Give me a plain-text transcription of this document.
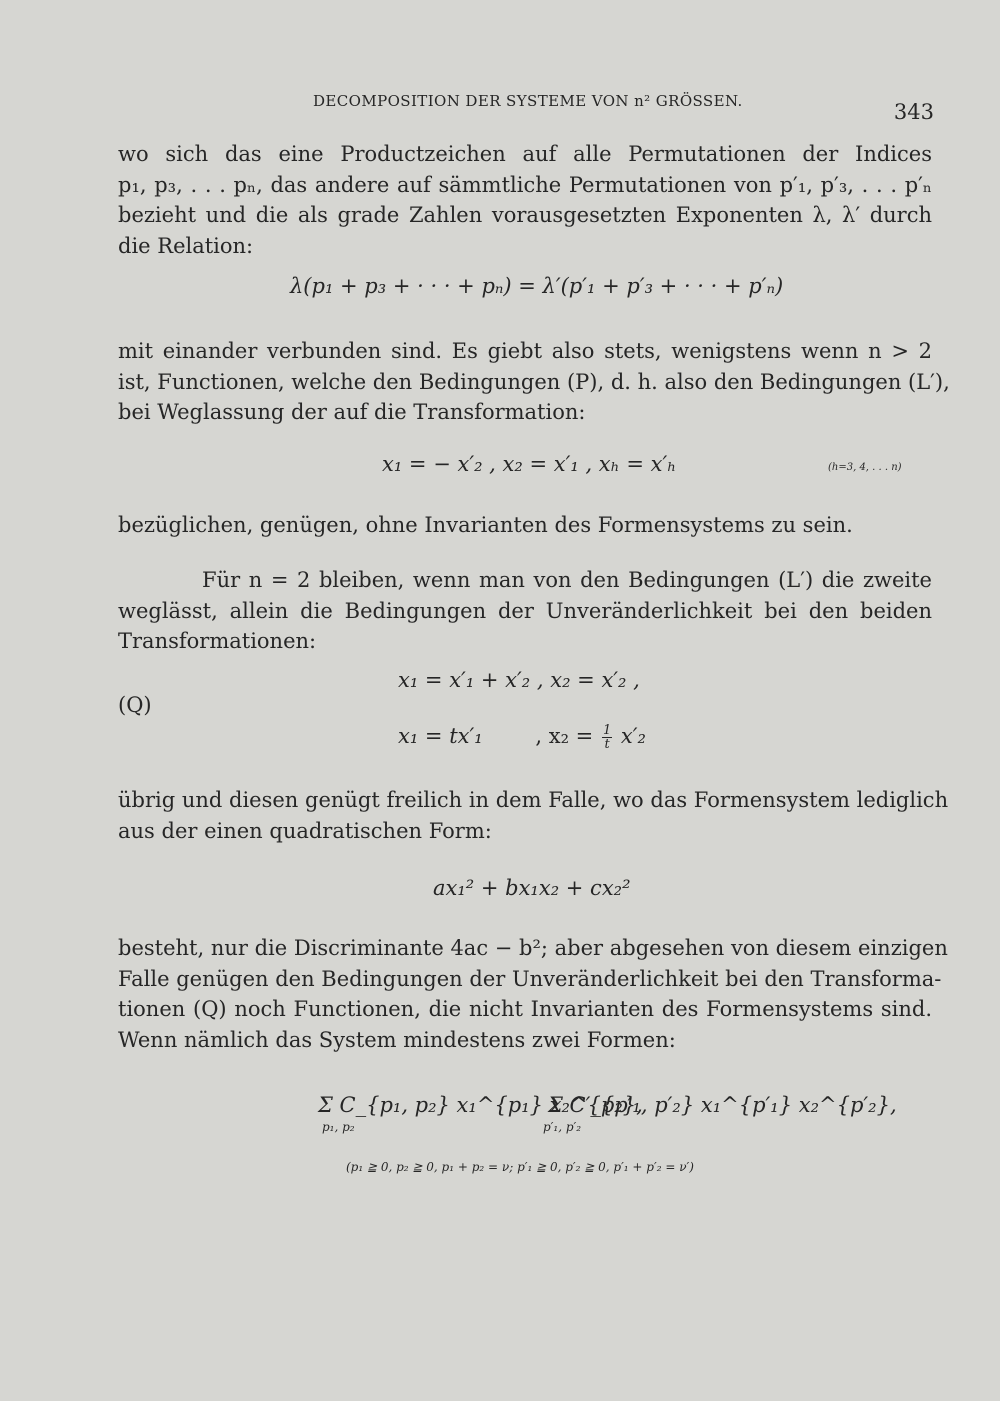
DECOMPOSITION DER SYSTEME VON n² GRÖSSEN.	343
wo sich das eine Productzeichen auf alle Permutationen der Indices
p₁, p₃, . . . pₙ, das andere auf sämmtliche Permutationen von p′₁, p′₃, . . . p′ₙ
bezieht und die als grade Zahlen vorausgesetzten Exponenten λ, λ′ durch
die Relation:
λ(p₁ + p₃ + · · · + pₙ) = λ′(p′₁ + p′₃ + · · · + p′ₙ)
mit einander verbunden sind. Es giebt also stets, wenigstens wenn n > 2
ist, Functionen, welche den Bedingungen (P), d. h. also den Bedingungen (L′),
bei Weglassung der auf die Transformation:
x₁ = − x′₂ , x₂ = x′₁ , xₕ = x′ₕ	(h=3, 4, . . . n)
bezüglichen, genügen, ohne Invarianten des Formensystems zu sein.
Für n = 2 bleiben, wenn man von den Bedingungen (L′) die zweite
weglässt, allein die Bedingungen der Unveränderlichkeit bei den beiden
Transformationen:
(Q)
x₁ = x′₁ + x′₂ , x₂ = x′₂ ,
x₁ = tx′₁	, $x_2 = \frac{1}{t} x'_2$
übrig und diesen genügt freilich in dem Falle, wo das Formensystem lediglich
aus der einen quadratischen Form:
ax₁² + bx₁x₂ + cx₂²
besteht, nur die Discriminante 4ac − b²; aber abgesehen von diesem einzigen
Falle genügen den Bedingungen der Unveränderlichkeit bei den Transforma-
tionen (Q) noch Functionen, die nicht Invarianten des Formensystems sind.
Wenn nämlich das System mindestens zwei Formen:
Σ C_{p₁, p₂} x₁^{p₁} x₂^{p₂},
p₁, p₂
Σ C′_{p′₁, p′₂} x₁^{p′₁} x₂^{p′₂},
p′₁, p′₂
(p₁ ≧ 0, p₂ ≧ 0, p₁ + p₂ = ν; p′₁ ≧ 0, p′₂ ≧ 0, p′₁ + p′₂ = ν′)
